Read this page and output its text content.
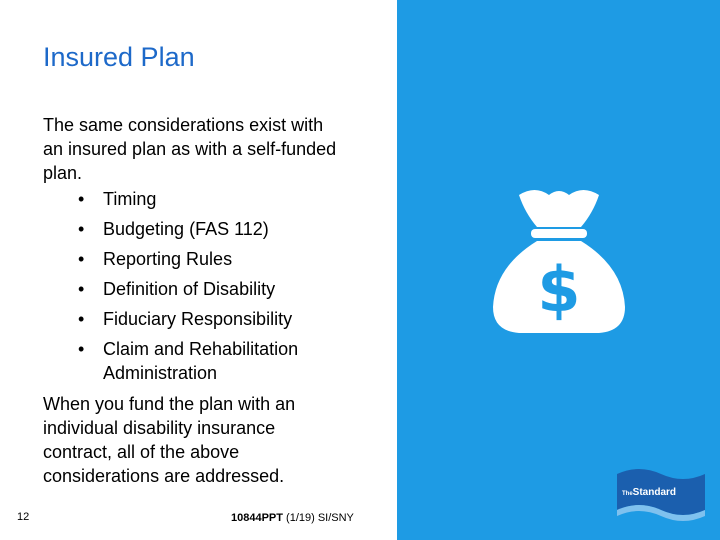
Insured Plan
The same considerations exist with an insured plan as with a self-funded plan.
• Timing
• Budgeting (FAS 112)
• Reporting Rules
• Definition of Disability
• Fiduciary Responsibility
• Claim and Rehabilitation Administration
When you fund the plan with an individual disability insurance contract, all of the above considerations are addressed.
12	10844PPT (1/19) SI/SNY
$
TheStandard
